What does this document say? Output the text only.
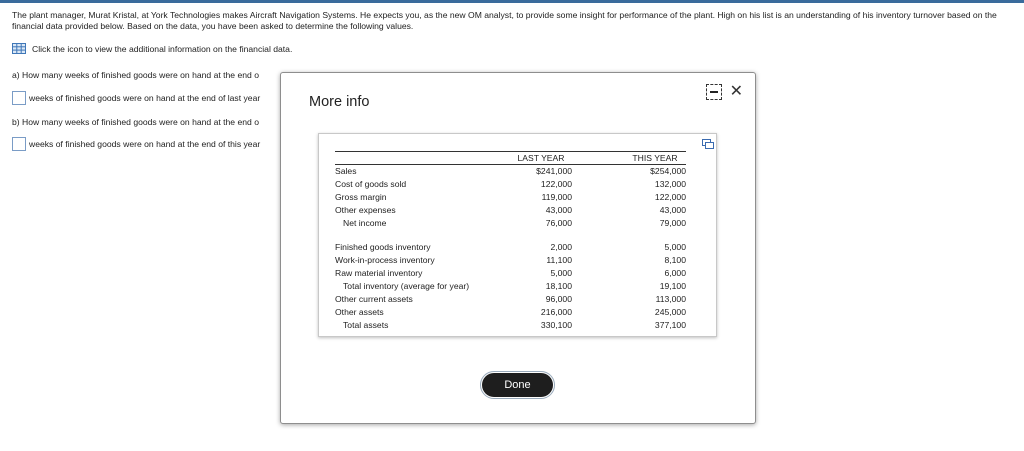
The plant manager, Murat Kristal, at York Technologies makes Aircraft Navigation Systems. He expects you, as the new OM analyst, to provide some insight for performance of the plant. High on his list is an understanding of his inventory turnover based on the financial data provided below. Based on the data, you have been asked to determine the following values.
Click the icon to view the additional information on the financial data.
a) How many weeks of finished goods were on hand at the end o
weeks of finished goods were on hand at the end of last year
b) How many weeks of finished goods were on hand at the end o
weeks of finished goods were on hand at the end of this year
More info
✕
	LAST YEAR		THIS YEAR
Sales	$241,000		$254,000
Cost of goods sold	122,000		132,000
Gross margin	119,000		122,000
Other expenses	43,000		43,000
Net income	76,000		79,000

Finished goods inventory	2,000		5,000
Work-in-process inventory	11,100		8,100
Raw material inventory	5,000		6,000
Total inventory (average for year)	18,100		19,100
Other current assets	96,000		113,000
Other assets	216,000		245,000
Total assets	330,100		377,100
Done
